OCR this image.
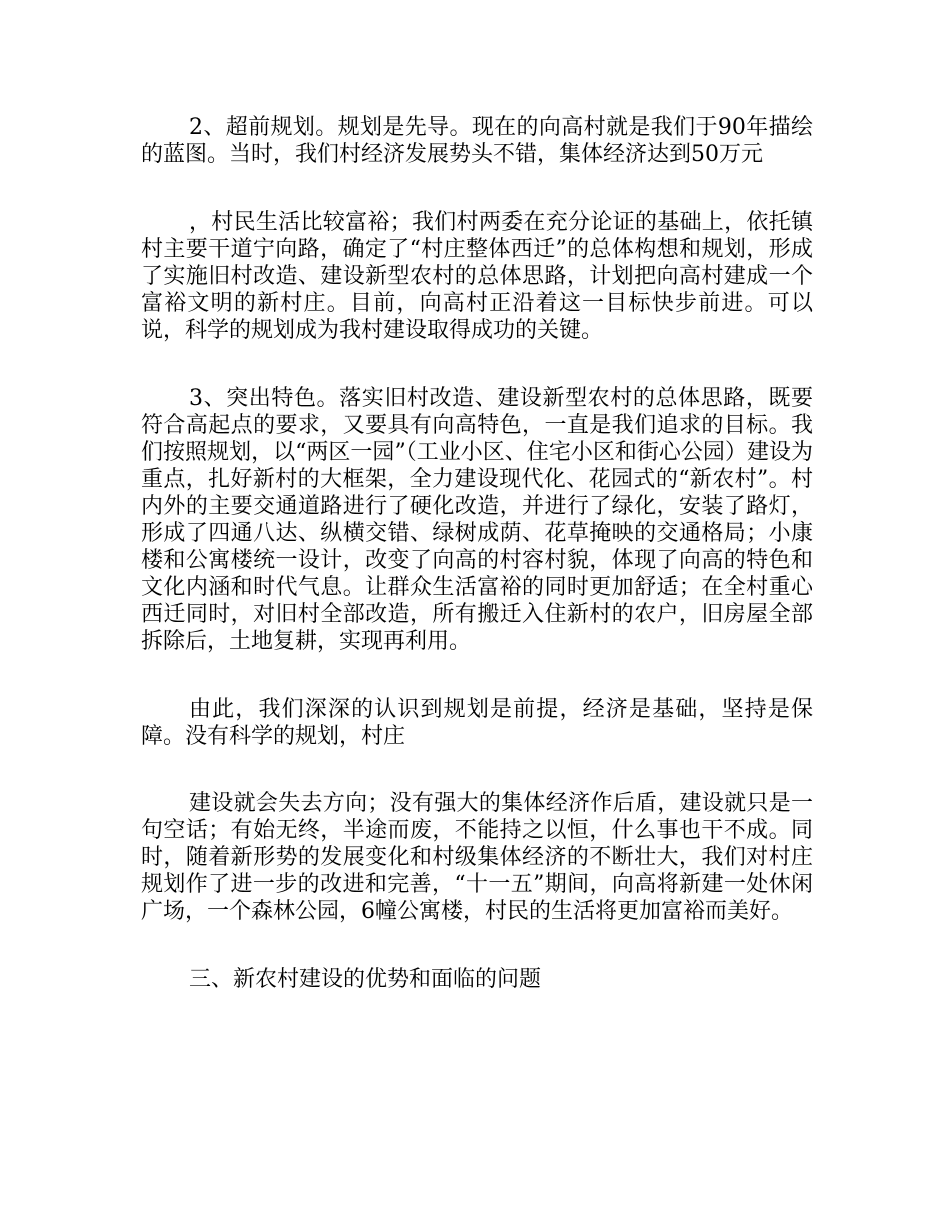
2、超前规划。规划是先导。现在的向高村就是我们于90年描绘的蓝图。当时，我们村经济发展势头不错，集体经济达到50万元

，村民生活比较富裕；我们村两委在充分论证的基础上，依托镇村主要干道宁向路，确定了“村庄整体西迁”的总体构想和规划，形成了实施旧村改造、建设新型农村的总体思路，计划把向高村建成一个富裕文明的新村庄。目前，向高村正沿着这一目标快步前进。可以说，科学的规划成为我村建设取得成功的关键。

3、突出特色。落实旧村改造、建设新型农村的总体思路，既要符合高起点的要求，又要具有向高特色，一直是我们追求的目标。我们按照规划，以“两区一园”（工业小区、住宅小区和街心公园）建设为重点，扎好新村的大框架，全力建设现代化、花园式的“新农村”。村内外的主要交通道路进行了硬化改造，并进行了绿化，安装了路灯，形成了四通八达、纵横交错、绿树成荫、花草掩映的交通格局；小康楼和公寓楼统一设计，改变了向高的村容村貌，体现了向高的特色和文化内涵和时代气息。让群众生活富裕的同时更加舒适；在全村重心西迁同时，对旧村全部改造，所有搬迁入住新村的农户，旧房屋全部拆除后，土地复耕，实现再利用。

由此，我们深深的认识到规划是前提，经济是基础，坚持是保障。没有科学的规划，村庄

建设就会失去方向；没有强大的集体经济作后盾，建设就只是一句空话；有始无终，半途而废，不能持之以恒，什么事也干不成。同时，随着新形势的发展变化和村级集体经济的不断壮大，我们对村庄规划作了进一步的改进和完善，“十一五”期间，向高将新建一处休闲广场，一个森林公园，6幢公寓楼，村民的生活将更加富裕而美好。

三、新农村建设的优势和面临的问题
